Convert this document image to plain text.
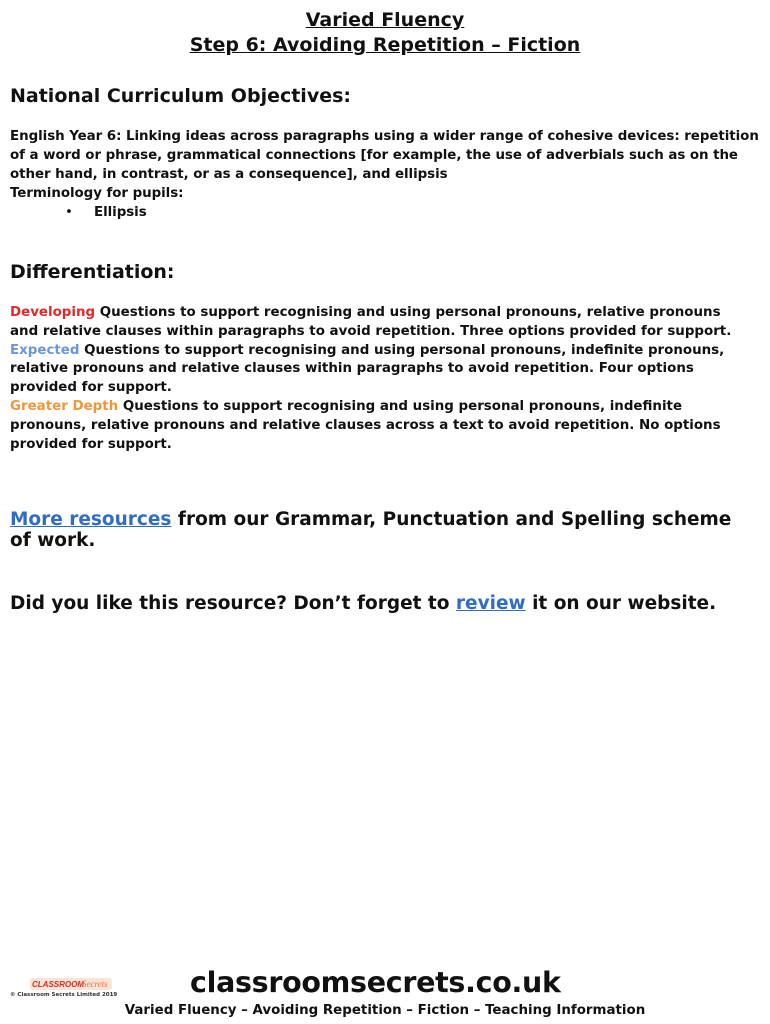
Varied Fluency
Step 6: Avoiding Repetition – Fiction
National Curriculum Objectives:

English Year 6: Linking ideas across paragraphs using a wider range of cohesive devices: repetition of a word or phrase, grammatical connections [for example, the use of adverbials such as on the other hand, in contrast, or as a consequence], and ellipsis

Terminology for pupils:

• Ellipsis
Differentiation:

Developing Questions to support recognising and using personal pronouns, relative pronouns and relative clauses within paragraphs to avoid repetition. Three options provided for support.

Expected Questions to support recognising and using personal pronouns, indefinite pronouns, relative pronouns and relative clauses within paragraphs to avoid repetition. Four options provided for support.

Greater Depth Questions to support recognising and using personal pronouns, indefinite pronouns, relative pronouns and relative clauses across a text to avoid repetition. No options provided for support.

More resources from our Grammar, Punctuation and Spelling scheme of work.

Did you like this resource? Don’t forget to review it on our website.

CLASSROOM
Secrets
© Classroom Secrets Limited 2019	classroomsecrets.co.uk
Varied Fluency – Avoiding Repetition – Fiction – Teaching Information
